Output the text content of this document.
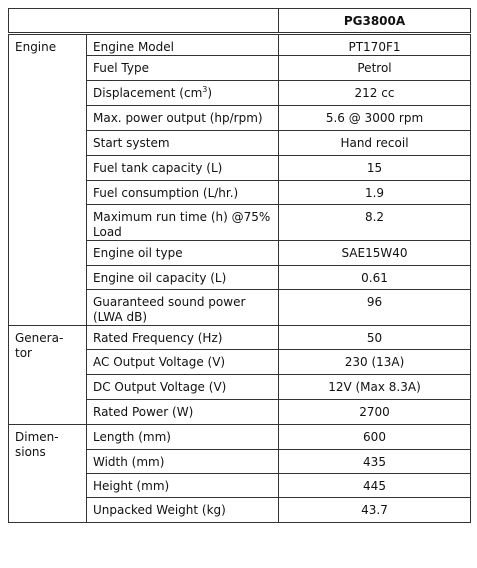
		PG3800A
Engine	Engine Model	PT170F1
	Fuel Type	Petrol
	Displacement $(cm^3)$	212 cc
	Max. power output (hp/rpm)	5.6 @ 3000 rpm
	Start system	Hand recoil
	Fuel tank capacity (L)	15
	Fuel consumption (L/hr.)	1.9
	Maximum run time (h) @75% Load	8.2
	Engine oil type	SAE15W40
	Engine oil capacity (L)	0.61
	Guaranteed sound power (LWA dB)	96
Genera-tor	Rated Frequency (Hz)	50
	AC Output Voltage (V)	230 (13A)
	DC Output Voltage (V)	12V (Max 8.3A)
	Rated Power (W)	2700
Dimen-sions	Length (mm)	600
	Width (mm)	435
	Height (mm)	445
	Unpacked Weight (kg)	43.7
